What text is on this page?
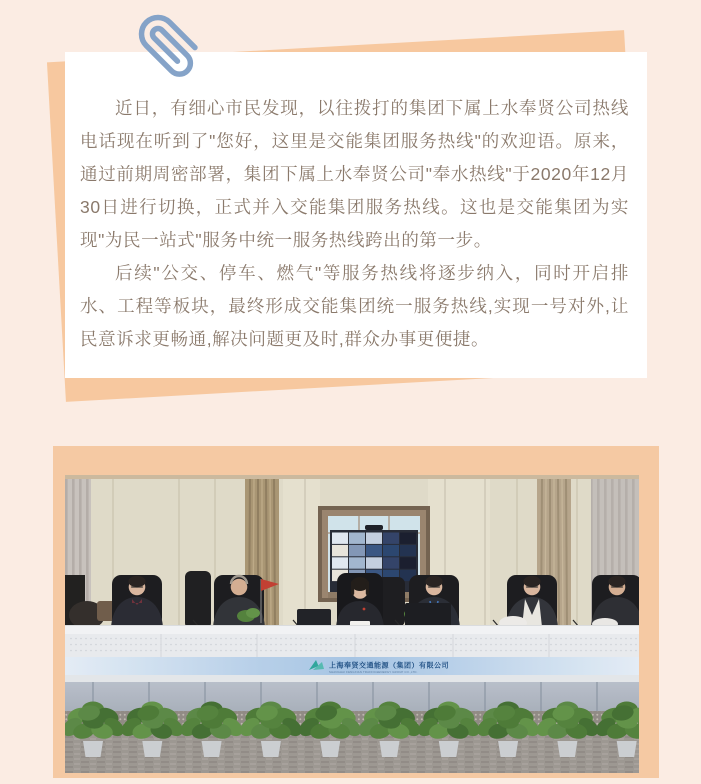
近日，有细心市民发现，以往拨打的集团下属上水奉贤公司热线电话现在听到了"您好，这里是交能集团服务热线"的欢迎语。原来，通过前期周密部署，集团下属上水奉贤公司"奉水热线"于2020年12月30日进行切换，正式并入交能集团服务热线。这也是交能集团为实现"为民一站式"服务中统一服务热线跨出的第一步。

后续"公交、停车、燃气"等服务热线将逐步纳入，同时开启排水、工程等板块，最终形成交能集团统一服务热线,实现一号对外,让民意诉求更畅通,解决问题更及时,群众办事更便捷。

上海奉贤交通能源（集团）有限公司
SHANGHAI FENGXIAN TRAFFIC&ENERGY GROUP CO.,LTD.
